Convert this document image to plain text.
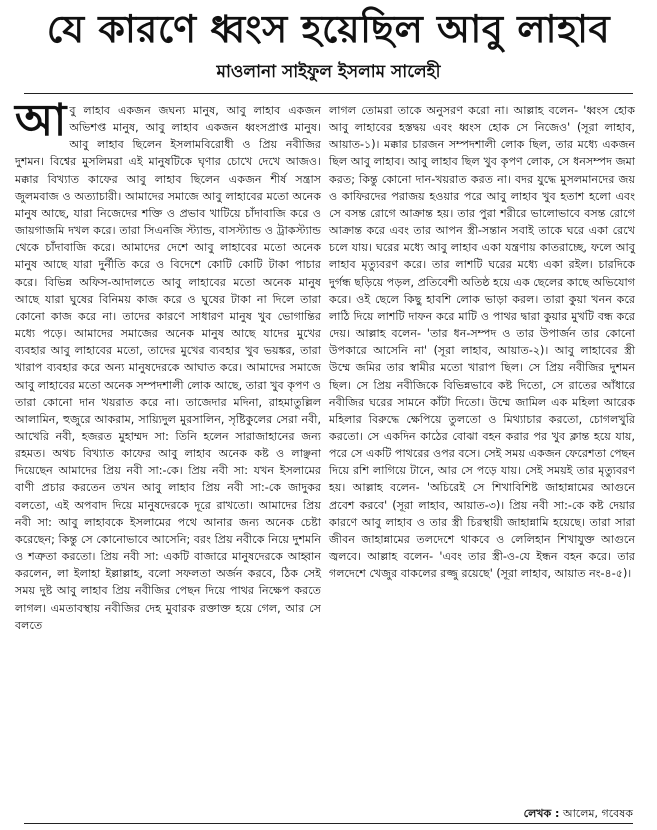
যে কারণে ধ্বংস হয়েছিল আবু লাহাব
মাওলানা সাইফুল ইসলাম সালেহী

আবু লাহাব একজন জঘন্য মানুষ, আবু লাহাব একজন অভিশপ্ত মানুষ, আবু লাহাব একজন ধ্বংসপ্রাপ্ত মানুষ। আবু লাহাব ছিলেন ইসলামবিরোধী ও প্রিয় নবীজির দুশমন। বিশ্বের মুসলিমরা এই মানুষটিকে ঘৃণার চোখে দেখে আজও। মক্কার বিখ্যাত কাফের আবু লাহাব ছিলেন একজন শীর্ষ সন্ত্রাস জুলমবাজ ও অত্যাচারী। আমাদের সমাজে আবু লাহাবের মতো অনেক মানুষ আছে, যারা নিজেদের শক্তি ও প্রভাব খাটিয়ে চাঁদাবাজি করে ও জায়গাজমি দখল করে। তারা সিএনজি স্ট্যান্ড, বাসস্ট্যান্ড ও ট্রাকস্ট্যান্ড থেকে চাঁদাবাজি করে। আমাদের দেশে আবু লাহাবের মতো অনেক মানুষ আছে যারা দুর্নীতি করে ও বিদেশে কোটি কোটি টাকা পাচার করে। বিভিন্ন অফিস-আদালতে আবু লাহাবের মতো অনেক মানুষ আছে যারা ঘুষের বিনিময় কাজ করে ও ঘুষের টাকা না দিলে তারা কোনো কাজ করে না। তাদের কারণে সাধারণ মানুষ খুব ভোগান্তির মধ্যে পড়ে। আমাদের সমাজের অনেক মানুষ আছে যাদের মুখের ব্যবহার আবু লাহাবের মতো, তাদের মুখের ব্যবহার খুব ভয়ঙ্কর, তারা খারাপ ব্যবহার করে অন্য মানুষদেরকে আঘাত করে। আমাদের সমাজে আবু লাহাবের মতো অনেক সম্পদশালী লোক আছে, তারা খুব কৃপণ ও তারা কোনো দান খয়রাত করে না। তাজেদার মদিনা, রাহমাতুল্লিল আলামিন, হুজুরে আকরাম, সায়্যিদুল মুরসালিন, সৃষ্টিকুলের সেরা নবী, আখেরি নবী, হজরত মুহাম্মদ সা: তিনি হলেন সারাজাহানের জন্য রহমত। অথচ বিখ্যাত কাফের আবু লাহাব অনেক কষ্ট ও লাঞ্ছনা দিয়েছেন আমাদের প্রিয় নবী সা:-কে। প্রিয় নবী সা: যখন ইসলামের বাণী প্রচার করতেন তখন আবু লাহাব প্রিয় নবী সা:-কে জাদুকর বলতো, এই অপবাদ দিয়ে মানুষদেরকে দূরে রাখতো। আমাদের প্রিয় নবী সা: আবু লাহাবকে ইসলামের পথে আনার জন্য অনেক চেষ্টা করেছেন; কিন্তু সে কোনোভাবে আসেনি; বরং প্রিয় নবীকে নিয়ে দুশমনি ও শত্রুতা করতো। প্রিয় নবী সা: একটি বাজারে মানুষদেরকে আহ্বান করলেন, লা ইলাহা ইল্লাল্লাহ, বলো সফলতা অর্জন করবে, ঠিক সেই সময় দুষ্ট আবু লাহাব প্রিয় নবীজির পেছন দিয়ে পাথর নিক্ষেপ করতে লাগল। এমতাবস্থায় নবীজির দেহ মুবারক রক্তাক্ত হয়ে গেল, আর সে বলতে

লাগল তোমরা তাকে অনুসরণ করো না। আল্লাহ বলেন- 'ধ্বংস হোক আবু লাহাবের হস্তদ্বয় এবং ধ্বংস হোক সে নিজেও' (সূরা লাহাব, আয়াত-১)। মক্কার চারজন সম্পদশালী লোক ছিল, তার মধ্যে একজন ছিল আবু লাহাব। আবু লাহাব ছিল খুব কৃপণ লোক, সে ধনসম্পদ জমা করত; কিন্তু কোনো দান-খয়রাত করত না। বদর যুদ্ধে মুসলমানদের জয় ও কাফিরদের পরাজয় হওয়ার পরে আবু লাহাব খুব হতাশ হলো এবং সে বসন্ত রোগে আক্রান্ত হয়। তার পুরা শরীরে ভালোভাবে বসন্ত রোগে আক্রান্ত করে এবং তার আপন স্ত্রী-সন্তান সবাই তাকে ঘরে একা রেখে চলে যায়। ঘরের মধ্যে আবু লাহাব একা যন্ত্রণায় কাতরাচ্ছে, ফলে আবু লাহাব মৃত্যুবরণ করে। তার লাশটি ঘরের মধ্যে একা রইল। চারদিকে দুর্গন্ধ ছড়িয়ে পড়ল, প্রতিবেশী অতিষ্ঠ হয়ে এক ছেলের কাছে অভিযোগ করে। ওই ছেলে কিছু হাবশি লোক ভাড়া করল। তারা কুয়া খনন করে লাঠি দিয়ে লাশটি দাফন করে মাটি ও পাথর দ্বারা কুয়ার মুখটি বন্ধ করে দেয়। আল্লাহ বলেন- 'তার ধন-সম্পদ ও তার উপার্জন তার কোনো উপকারে আসেনি না' (সূরা লাহাব, আয়াত-২)। আবু লাহাবের স্ত্রী উম্মে জমির তার স্বামীর মতো খারাপ ছিল। সে প্রিয় নবীজির দুশমন ছিল। সে প্রিয় নবীজিকে বিভিন্নভাবে কষ্ট দিতো, সে রাতের আঁধারে নবীজির ঘরের সামনে কাঁটা দিতো। উম্মে জামিল এক মহিলা আরেক মহিলার বিরুদ্ধে ক্ষেপিয়ে তুলতো ও মিথ্যাচার করতো, চোগলখুরি করতো। সে একদিন কাঠের বোঝা বহন করার পর খুব ক্লান্ত হয়ে যায়, পরে সে একটি পাথরের ওপর বসে। সেই সময় একজন ফেরেশতা পেছন দিয়ে রশি লাগিয়ে টানে, আর সে পড়ে যায়। সেই সময়ই তার মৃত্যুবরণ হয়। আল্লাহ বলেন- 'অচিরেই সে শিখাবিশিষ্ট জাহান্নামের আগুনে প্রবেশ করবে' (সূরা লাহাব, আয়াত-৩)। প্রিয় নবী সা:-কে কষ্ট দেয়ার কারণে আবু লাহাব ও তার স্ত্রী চিরস্থায়ী জাহান্নামি হয়েছে। তারা সারা জীবন জাহান্নামের তলদেশে থাকবে ও লেলিহান শিখাযুক্ত আগুনে জ্বলবে। আল্লাহ বলেন- 'এবং তার স্ত্রী-ও-যে ইন্ধন বহন করে। তার গলদেশে খেজুর বাকলের রজ্জু রয়েছে' (সূরা লাহাব, আয়াত নং-৪-৫)।

লেখক : আলেম, গবেষক
